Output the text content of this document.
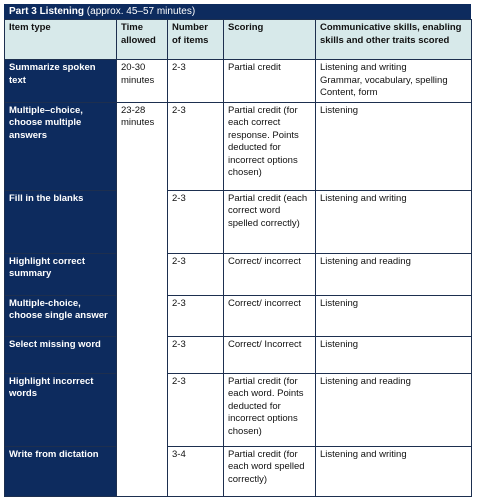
Part 3 Listening (approx. 45–57 minutes)
Item type	Time allowed	Number of items	Scoring	Communicative skills, enabling skills and other traits scored
Summarize spoken text	20-30 minutes	2-3	Partial credit	Listening and writing
Grammar, vocabulary, spelling
Content, form

Multiple–choice, choose multiple answers	23-28 minutes	2-3	Partial credit (for each correct response. Points deducted for incorrect options chosen)	Listening
Fill in the blanks		2-3	Partial credit (each correct word spelled correctly)	Listening and writing
Highlight correct summary		2-3	Correct/ incorrect	Listening and reading
Multiple-choice, choose single answer		2-3	Correct/ incorrect	Listening
Select missing word		2-3	Correct/ Incorrect	Listening
Highlight incorrect words		2-3	Partial credit (for each word. Points deducted for incorrect options chosen)	Listening and reading
Write from dictation		3-4	Partial credit (for each word spelled correctly)	Listening and writing
